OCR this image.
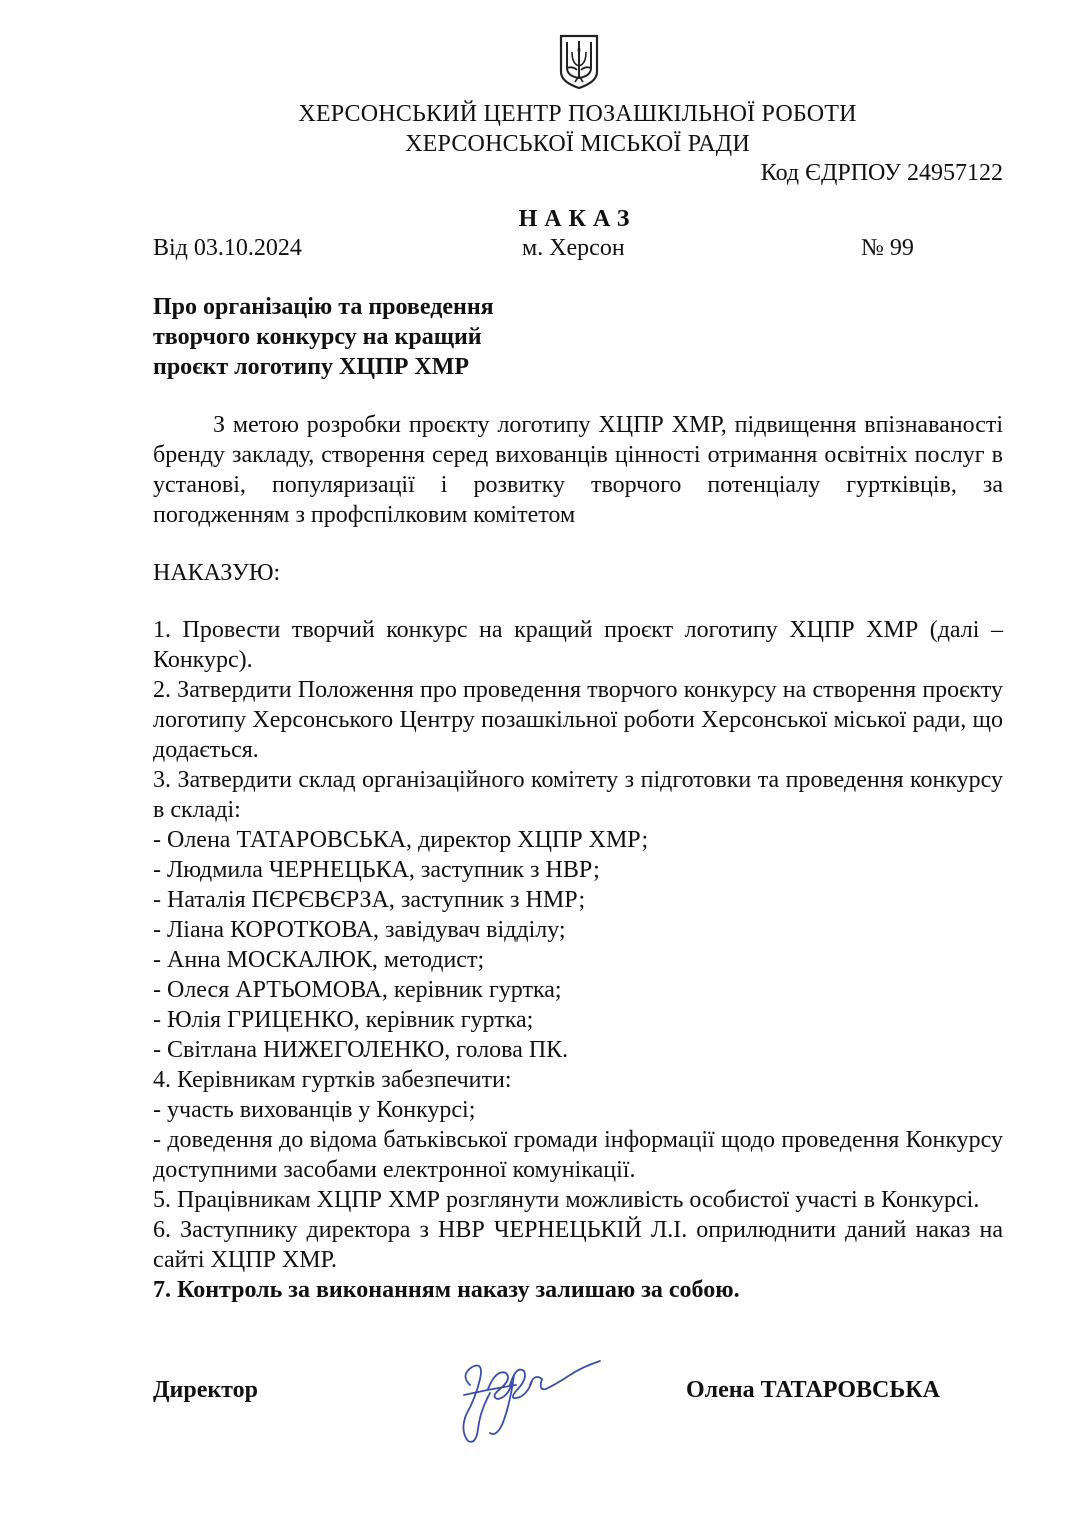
ХЕРСОНСЬКИЙ ЦЕНТР ПОЗАШКІЛЬНОЇ РОБОТИ
ХЕРСОНСЬКОЇ МІСЬКОЇ РАДИ
Код ЄДРПОУ 24957122
НАКАЗ
Від 03.10.2024	м. Херсон	№ 99
Про організацію та проведення
творчого конкурсу на кращий
проєкт логотипу ХЦПР ХМР
З метою розробки проєкту логотипу ХЦПР ХМР, підвищення впізнаваності бренду закладу, створення серед вихованців цінності отримання освітніх послуг в установі, популяризації і розвитку творчого потенціалу гуртківців, за погодженням з профспілковим комітетом
НАКАЗУЮ:

1. Провести творчий конкурс на кращий проєкт логотипу ХЦПР ХМР (далі – Конкурс).

2. Затвердити Положення про проведення творчого конкурсу на створення проєкту логотипу Херсонського Центру позашкільної роботи Херсонської міської ради, що додається.

3. Затвердити склад організаційного комітету з підготовки та проведення конкурсу в складі:

- Олена ТАТАРОВСЬКА, директор ХЦПР ХМР;

- Людмила ЧЕРНЕЦЬКА, заступник з НВР;

- Наталія ПЄРЄВЄРЗА, заступник з НМР;

- Ліана КОРОТКОВА, завідувач відділу;

- Анна МОСКАЛЮК, методист;

- Олеся АРТЬОМОВА, керівник гуртка;

- Юлія ГРИЦЕНКО, керівник гуртка;

- Світлана НИЖЕГОЛЕНКО, голова ПК.

4. Керівникам гуртків забезпечити:

- участь вихованців у Конкурсі;

- доведення до відома батьківської громади інформації щодо проведення Конкурсу доступними засобами електронної комунікації.

5. Працівникам ХЦПР ХМР розглянути можливість особистої участі в Конкурсі.

6. Заступнику директора з НВР ЧЕРНЕЦЬКІЙ Л.І. оприлюднити даний наказ на сайті ХЦПР ХМР.

7. Контроль за виконанням наказу залишаю за собою.

Директор	Олена ТАТАРОВСЬКА
